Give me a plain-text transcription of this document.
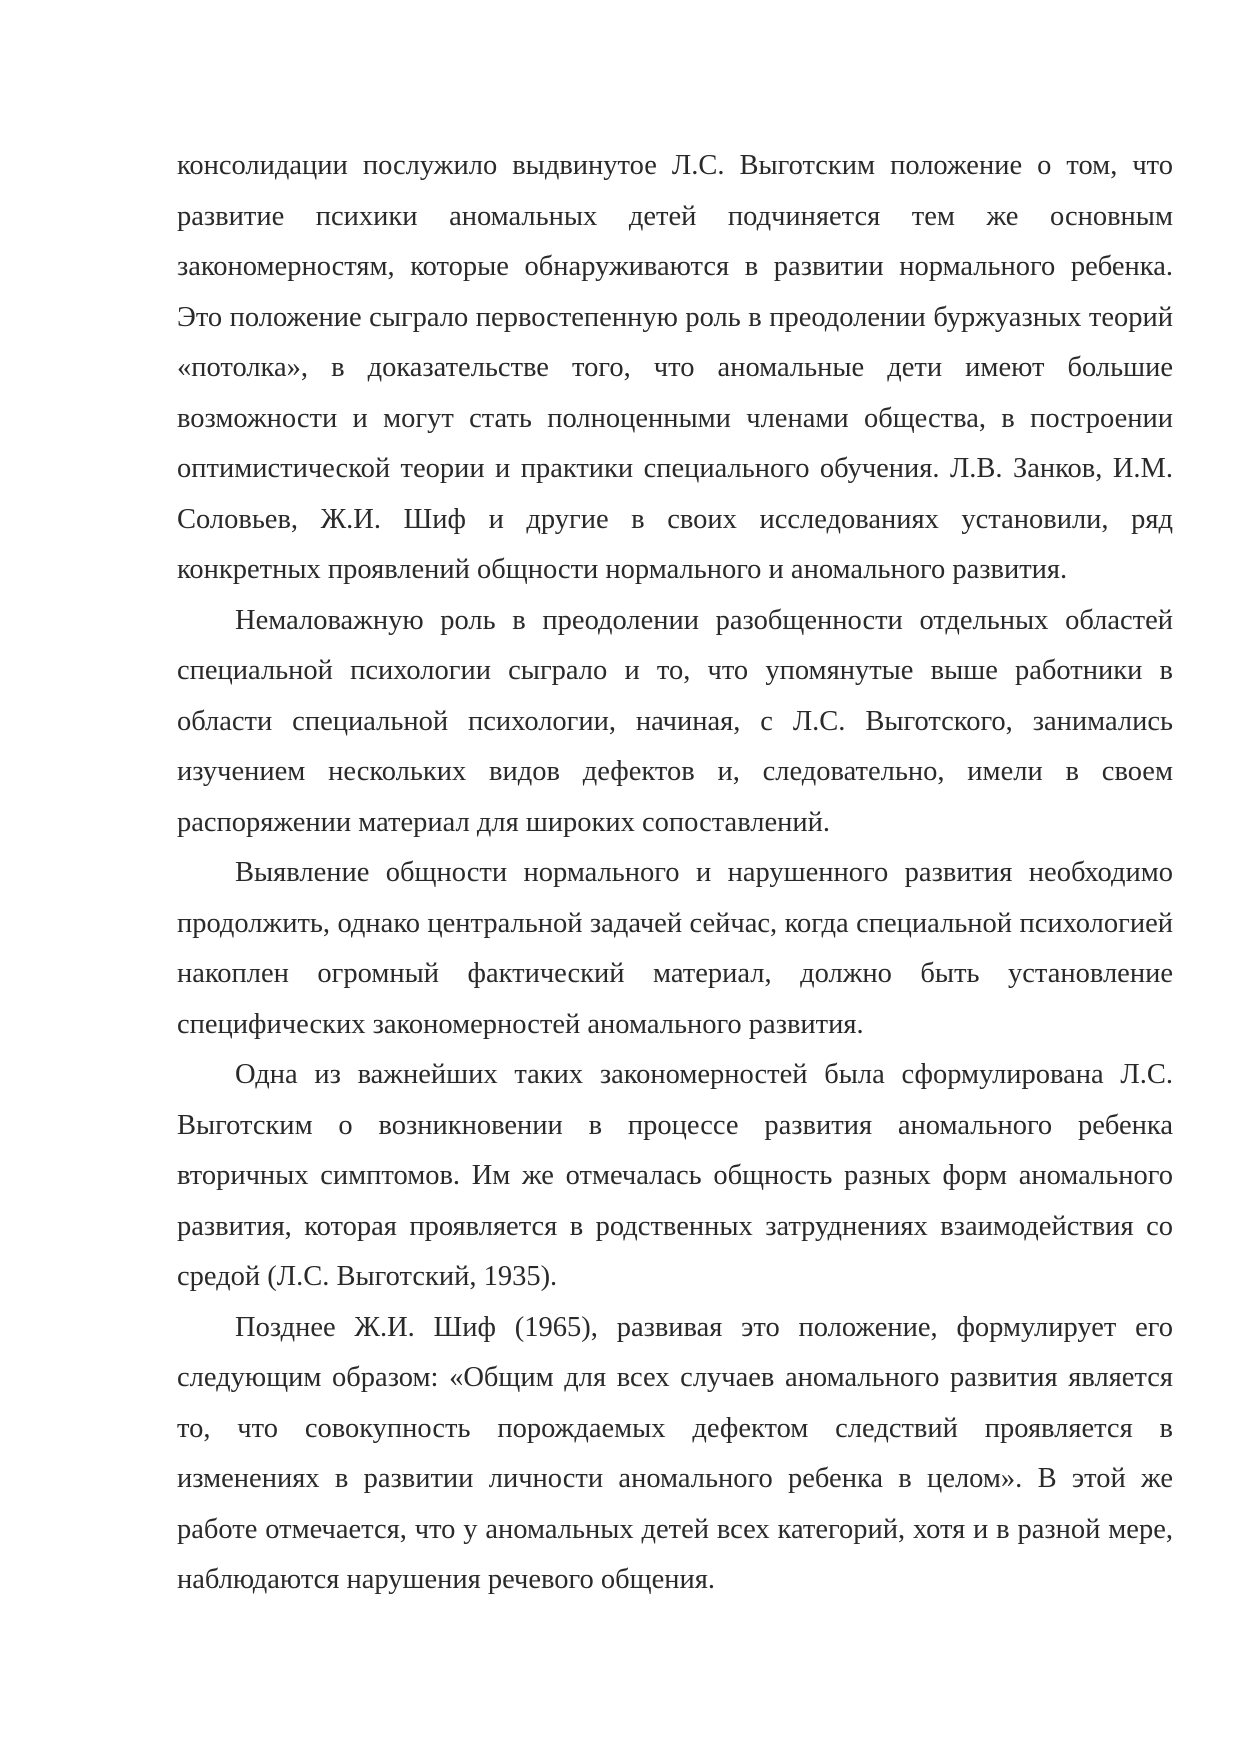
консолидации послужило выдвинутое Л.С. Выготским положение о том, что развитие психики аномальных детей подчиняется тем же основным закономерностям, которые обнаруживаются в развитии нормального ребенка. Это положение сыграло первостепенную роль в преодолении буржуазных теорий «потолка», в доказательстве того, что аномальные дети имеют большие возможности и могут стать полноценными членами общества, в построении оптимистической теории и практики специального обучения. Л.В. Занков, И.М. Соловьев, Ж.И. Шиф и другие в своих исследованиях установили, ряд конкретных проявлений общности нормального и аномального развития.

Немаловажную роль в преодолении разобщенности отдельных областей специальной психологии сыграло и то, что упомянутые выше работники в области специальной психологии, начиная, с Л.С. Выготского, занимались изучением нескольких видов дефектов и, следовательно, имели в своем распоряжении материал для широких сопоставлений.

Выявление общности нормального и нарушенного развития необходимо продолжить, однако центральной задачей сейчас, когда специальной психологией накоплен огромный фактический материал, должно быть установление специфических закономерностей аномального развития.

Одна из важнейших таких закономерностей была сформулирована Л.С. Выготским о возникновении в процессе развития аномального ребенка вторичных симптомов. Им же отмечалась общность разных форм аномального развития, которая проявляется в родственных затруднениях взаимодействия со средой (Л.С. Выготский, 1935).

Позднее Ж.И. Шиф (1965), развивая это положение, формулирует его следующим образом: «Общим для всех случаев аномального развития является то, что совокупность порождаемых дефектом следствий проявляется в изменениях в развитии личности аномального ребенка в целом». В этой же работе отмечается, что у аномальных детей всех категорий, хотя и в разной мере, наблюдаются нарушения речевого общения.
